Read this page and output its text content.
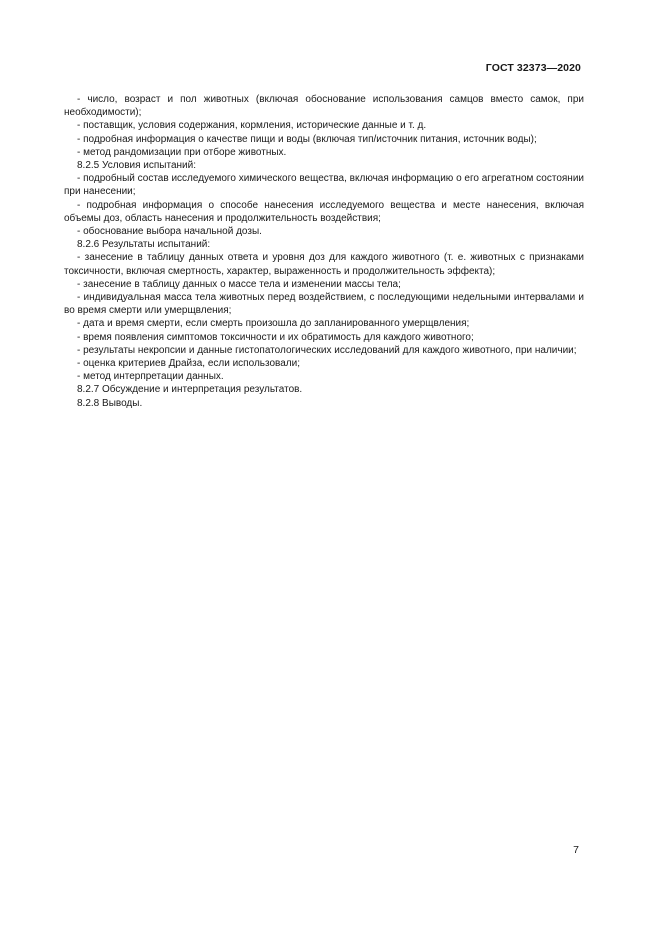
ГОСТ 32373—2020

- число, возраст и пол животных (включая обоснование использования самцов вместо самок, при необходимости);

- поставщик, условия содержания, кормления, исторические данные и т. д.

- подробная информация о качестве пищи и воды (включая тип/источник питания, источник воды);

- метод рандомизации при отборе животных.

8.2.5 Условия испытаний:

- подробный состав исследуемого химического вещества, включая информацию о его агрегатном состоянии при нанесении;

- подробная информация о способе нанесения исследуемого вещества и месте нанесения, включая объемы доз, область нанесения и продолжительность воздействия;

- обоснование выбора начальной дозы.

8.2.6 Результаты испытаний:

- занесение в таблицу данных ответа и уровня доз для каждого животного (т. е. животных с признаками токсичности, включая смертность, характер, выраженность и продолжительность эффекта);

- занесение в таблицу данных о массе тела и изменении массы тела;

- индивидуальная масса тела животных перед воздействием, с последующими недельными интервалами и во время смерти или умерщвления;

- дата и время смерти, если смерть произошла до запланированного умерщвления;

- время появления симптомов токсичности и их обратимость для каждого животного;

- результаты некропсии и данные гистопатологических исследований для каждого животного, при наличии;

- оценка критериев Драйза, если использовали;

- метод интерпретации данных.

8.2.7 Обсуждение и интерпретация результатов.

8.2.8 Выводы.

7
